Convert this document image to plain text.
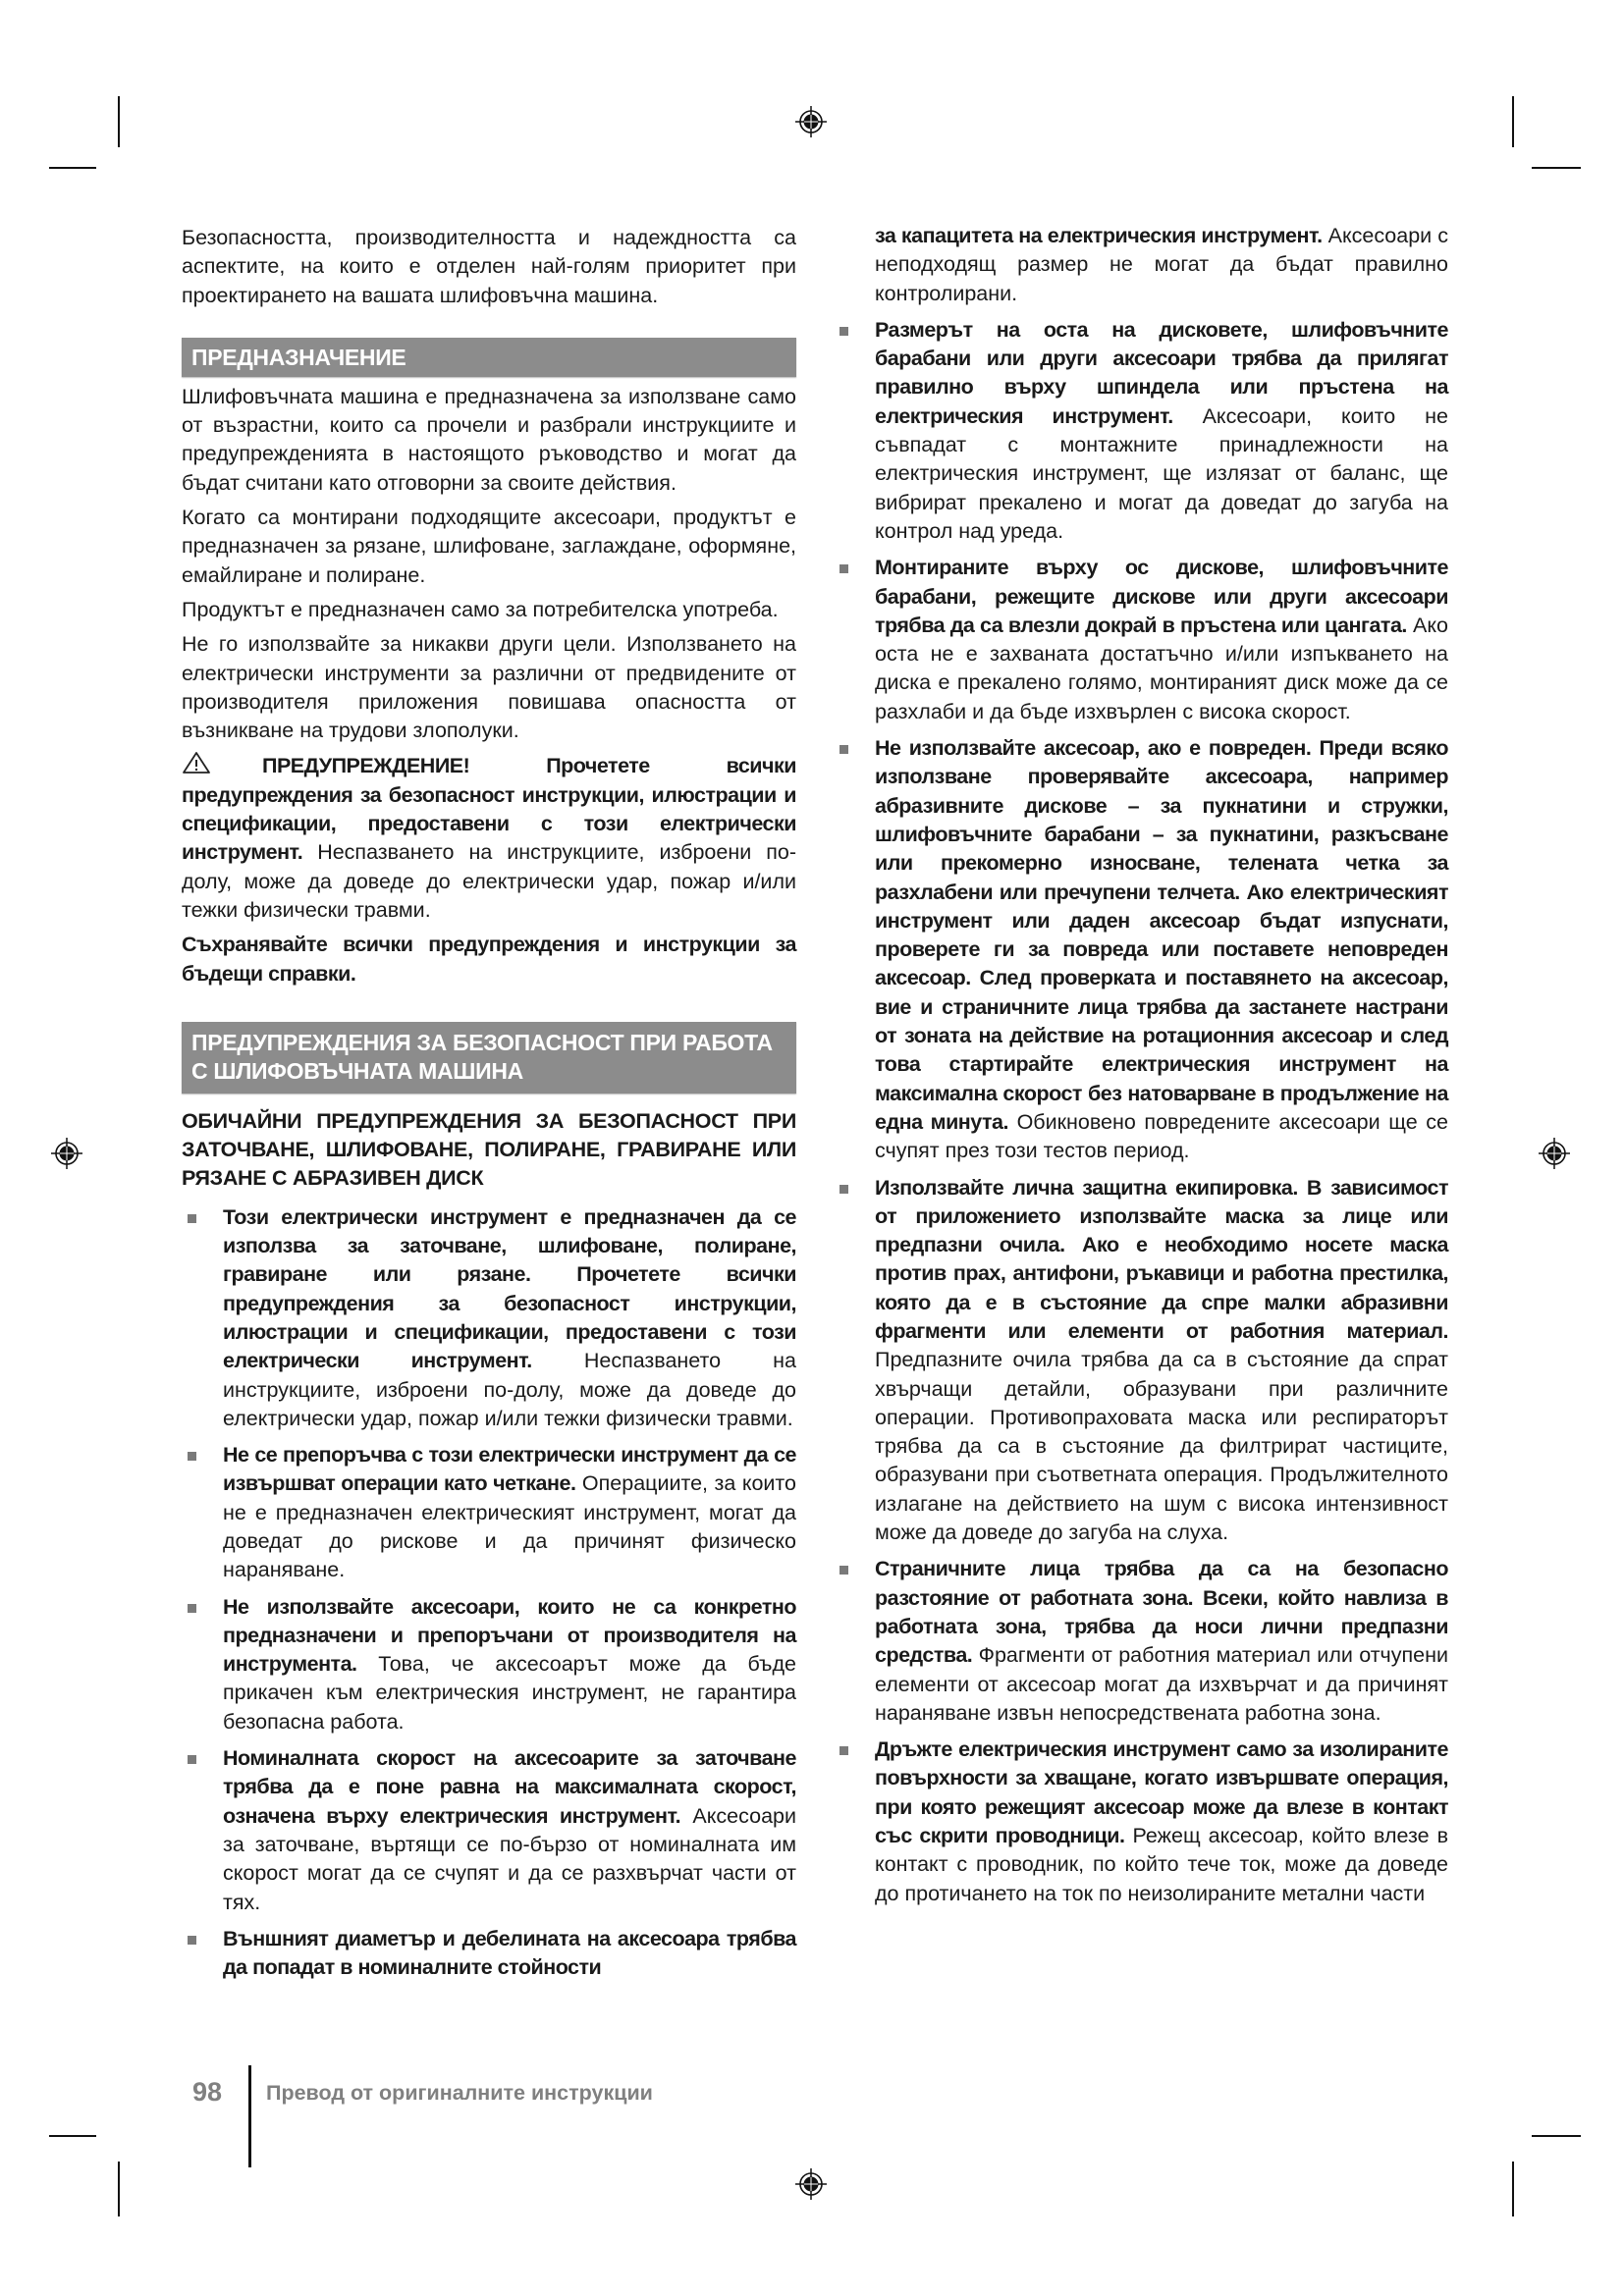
Безопасността, производителността и надеждността са аспектите, на които е отделен най-голям приоритет при проектирането на вашата шлифовъчна машина.

ПРЕДНАЗНАЧЕНИЕ

Шлифовъчната машина е предназначена за използване само от възрастни, които са прочели и разбрали инструкциите и предупрежденията в настоящото ръководство и могат да бъдат считани като отговорни за своите действия.

Когато са монтирани подходящите аксесоари, продуктът е предназначен за рязане, шлифоване, заглаждане, оформяне, емайлиране и полиране.

Продуктът е предназначен само за потребителска употреба.

Не го използвайте за никакви други цели. Използването на електрически инструменти за различни от предвидените от производителя приложения повишава опасността от възникване на трудови злополуки.

ПРЕДУПРЕЖДЕНИЕ! Прочетете всички предупреждения за безопасност инструкции, илюстрации и спецификации, предоставени с този електрически инструмент. Неспазването на инструкциите, изброени по-долу, може да доведе до електрически удар, пожар и/или тежки физически травми.

Съхранявайте всички предупреждения и инструкции за бъдещи справки.

ПРЕДУПРЕЖДЕНИЯ ЗА БЕЗОПАСНОСТ ПРИ РАБОТА С ШЛИФОВЪЧНАТА МАШИНА
ОБИЧАЙНИ ПРЕДУПРЕЖДЕНИЯ ЗА БЕЗОПАСНОСТ ПРИ ЗАТОЧВАНЕ, ШЛИФОВАНЕ, ПОЛИРАНЕ, ГРАВИРАНЕ ИЛИ РЯЗАНЕ С АБРАЗИВЕН ДИСК
Този електрически инструмент е предназначен да се използва за заточване, шлифоване, полиране, гравиране или рязане. Прочетете всички предупреждения за безопасност инструкции, илюстрации и спецификации, предоставени с този електрически инструмент. Неспазването на инструкциите, изброени по-долу, може да доведе до електрически удар, пожар и/или тежки физически травми.
Не се препоръчва с този електрически инструмент да се извършват операции като четкане. Операциите, за които не е предназначен електрическият инструмент, могат да доведат до рискове и да причинят физическо нараняване.
Не използвайте аксесоари, които не са конкретно предназначени и препоръчани от производителя на инструмента. Това, че аксесоарът може да бъде прикачен към електрическия инструмент, не гарантира безопасна работа.
Номиналната скорост на аксесоарите за заточване трябва да е поне равна на максималната скорост, означена върху електрическия инструмент. Аксесоари за заточване, въртящи се по-бързо от номиналната им скорост могат да се счупят и да се разхвърчат части от тях.
Външният диаметър и дебелината на аксесоара трябва да попадат в номиналните стойности
за капацитета на електрическия инструмент. Аксесоари с неподходящ размер не могат да бъдат правилно контролирани.
Размерът на оста на дисковете, шлифовъчните барабани или други аксесоари трябва да прилягат правилно върху шпиндела или пръстена на електрическия инструмент. Аксесоари, които не съвпадат с монтажните принадлежности на електрическия инструмент, ще излязат от баланс, ще вибрират прекалено и могат да доведат до загуба на контрол над уреда.
Монтираните върху ос дискове, шлифовъчните барабани, режещите дискове или други аксесоари трябва да са влезли докрай в пръстена или цангата. Ако оста не е захваната достатъчно и/или изпъкването на диска е прекалено голямо, монтираният диск може да се разхлаби и да бъде изхвърлен с висока скорост.
Не използвайте аксесоар, ако е повреден. Преди всяко използване проверявайте аксесоара, например абразивните дискове – за пукнатини и стружки, шлифовъчните барабани – за пукнатини, разкъсване или прекомерно износване, телената четка за разхлабени или пречупени телчета. Ако електрическият инструмент или даден аксесоар бъдат изпуснати, проверете ги за повреда или поставете неповреден аксесоар. След проверката и поставянето на аксесоар, вие и страничните лица трябва да застанете настрани от зоната на действие на ротационния аксесоар и след това стартирайте електрическия инструмент на максимална скорост без натоварване в продължение на една минута. Обикновено повредените аксесоари ще се счупят през този тестов период.
Използвайте лична защитна екипировка. В зависимост от приложението използвайте маска за лице или предпазни очила. Ако е необходимо носете маска против прах, антифони, ръкавици и работна престилка, която да е в състояние да спре малки абразивни фрагменти или елементи от работния материал. Предпазните очила трябва да са в състояние да спрат хвърчащи детайли, образувани при различните операции. Противопраховата маска или респираторът трябва да са в състояние да филтрират частиците, образувани при съответната операция. Продължителното излагане на действието на шум с висока интензивност може да доведе до загуба на слуха.
Страничните лица трябва да са на безопасно разстояние от работната зона. Всеки, който навлиза в работната зона, трябва да носи лични предпазни средства. Фрагменти от работния материал или отчупени елементи от аксесоар могат да изхвърчат и да причинят нараняване извън непосредствената работна зона.
Дръжте електрическия инструмент само за изолираните повърхности за хващане, когато извършвате операция, при която режещият аксесоар може да влезе в контакт със скрити проводници. Режещ аксесоар, който влезе в контакт с проводник, по който тече ток, може да доведе до протичането на ток по неизолираните метални части
98 Превод от оригиналните инструкции
